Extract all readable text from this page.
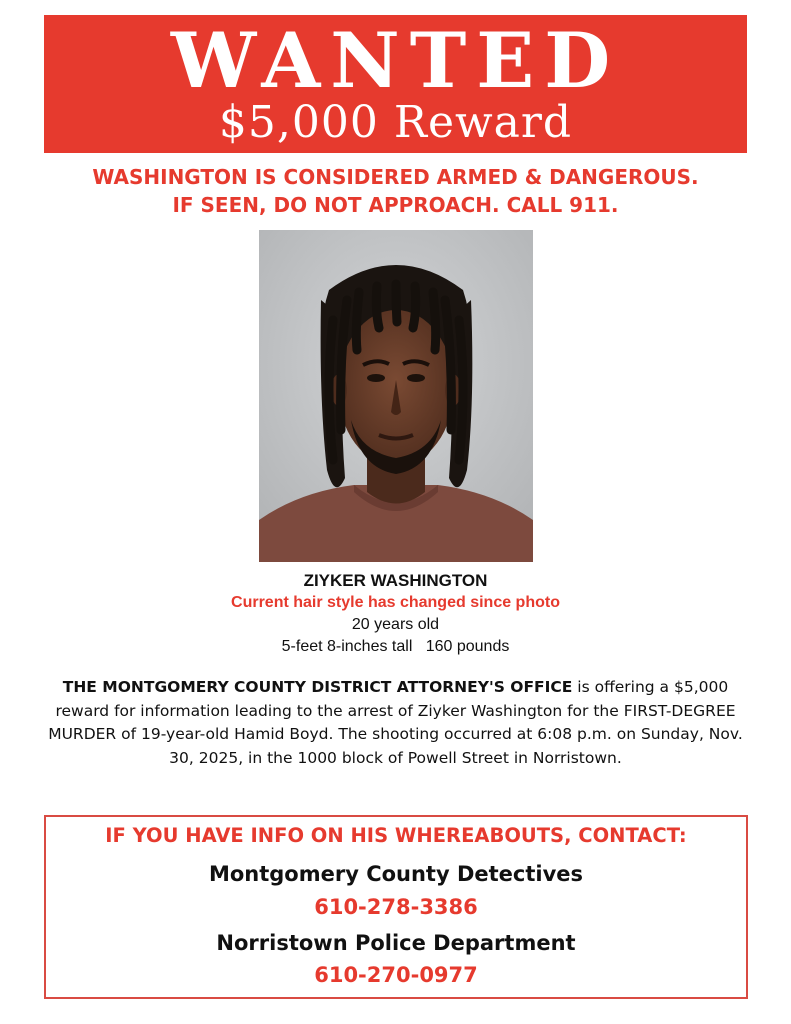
WANTED
$5,000 Reward
WASHINGTON IS CONSIDERED ARMED & DANGEROUS.
IF SEEN, DO NOT APPROACH. CALL 911.
ZIYKER WASHINGTON
Current hair style has changed since photo
20 years old
5-feet 8-inches tall   160 pounds
THE MONTGOMERY COUNTY DISTRICT ATTORNEY'S OFFICE is offering a $5,000 reward for information leading to the arrest of Ziyker Washington for the FIRST-DEGREE MURDER of 19-year-old Hamid Boyd. The shooting occurred at 6:08 p.m. on Sunday, Nov. 30, 2025, in the 1000 block of Powell Street in Norristown.
IF YOU HAVE INFO ON HIS WHEREABOUTS, CONTACT:
Montgomery County Detectives
610-278-3386
Norristown Police Department
610-270-0977
